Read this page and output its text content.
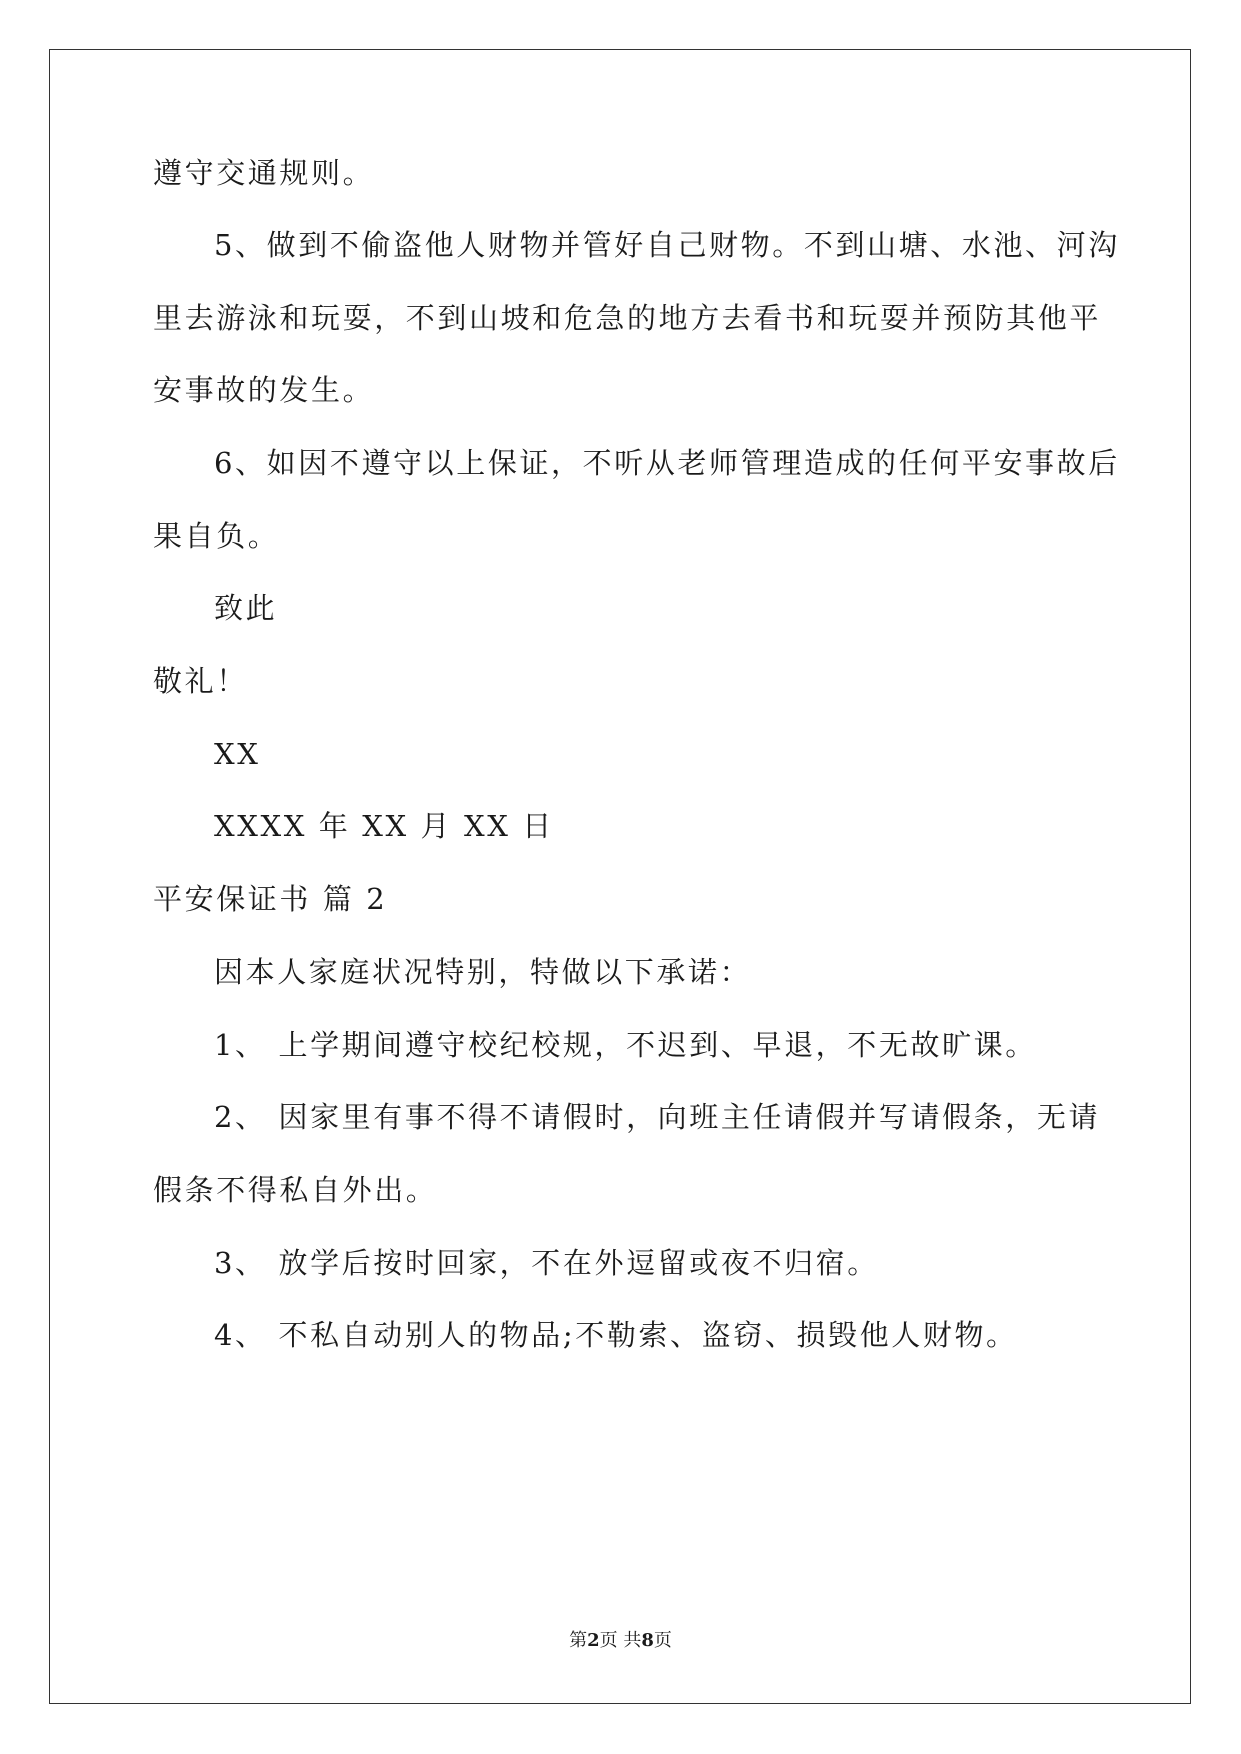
遵守交通规则。
5、做到不偷盗他人财物并管好自己财物。不到山塘、水池、河沟
里去游泳和玩耍，不到山坡和危急的地方去看书和玩耍并预防其他平
安事故的发生。
6、如因不遵守以上保证，不听从老师管理造成的任何平安事故后
果自负。
致此
敬礼！
XX
XXXX 年 XX 月 XX 日
平安保证书 篇 2
因本人家庭状况特别，特做以下承诺：
1、 上学期间遵守校纪校规，不迟到、早退，不无故旷课。
2、 因家里有事不得不请假时，向班主任请假并写请假条，无请
假条不得私自外出。
3、 放学后按时回家，不在外逗留或夜不归宿。
4、 不私自动别人的物品;不勒索、盗窃、损毁他人财物。
第2页 共8页
